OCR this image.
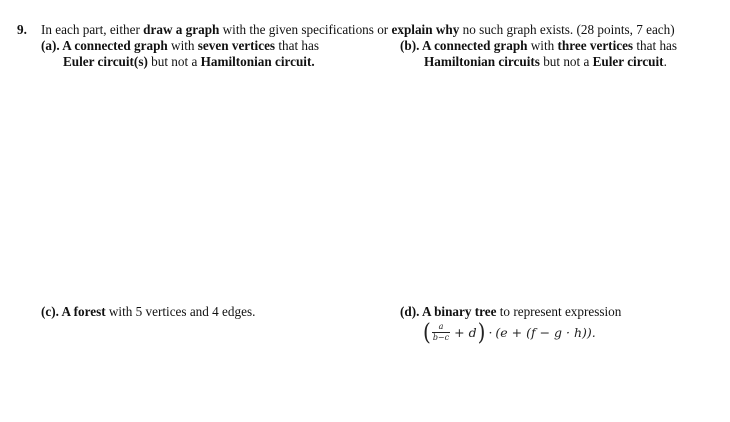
9. In each part, either draw a graph with the given specifications or explain why no such graph exists. (28 points, 7 each)
(a). A connected graph with seven vertices that has
Euler circuit(s) but not a Hamiltonian circuit.
(b). A connected graph with three vertices that has
Hamiltonian circuits but not a Euler circuit.
(c). A forest with 5 vertices and 4 edges.	(d). A binary tree to represent expression
( $\frac{a}{b-c} + d$ ) · (e + (f − g · h)).
